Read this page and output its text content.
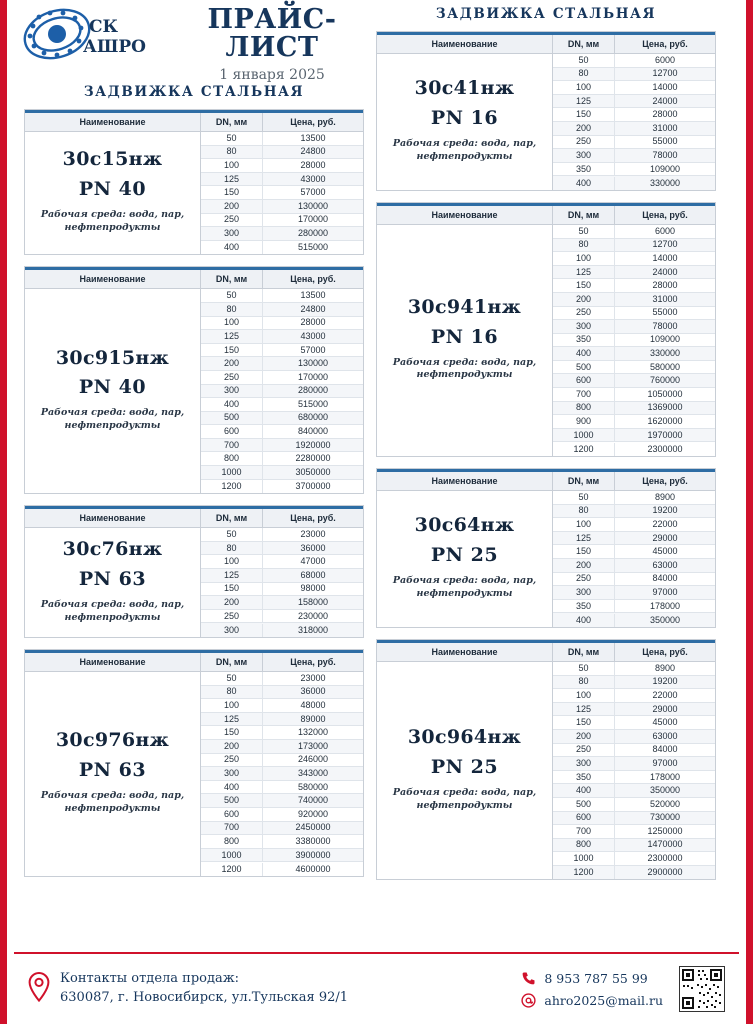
СК
АШРО
ПРАЙС-ЛИСТ
1 января 2025
ЗАДВИЖКА СТАЛЬНАЯ
Наименование	DN, мм	Цена, руб.
30с15нж
PN 40
Рабочая среда: вода, пар, нефтепродукты
50	13500
80	24800
100	28000
125	43000
150	57000
200	130000
250	170000
300	280000
400	515000
Наименование	DN, мм	Цена, руб.
30с915нж
PN 40
Рабочая среда: вода, пар, нефтепродукты
50	13500
80	24800
100	28000
125	43000
150	57000
200	130000
250	170000
300	280000
400	515000
500	680000
600	840000
700	1920000
800	2280000
1000	3050000
1200	3700000
Наименование	DN, мм	Цена, руб.
30с76нж
PN 63
Рабочая среда: вода, пар, нефтепродукты
50	23000
80	36000
100	47000
125	68000
150	98000
200	158000
250	230000
300	318000
Наименование	DN, мм	Цена, руб.
30с976нж
PN 63
Рабочая среда: вода, пар, нефтепродукты
50	23000
80	36000
100	48000
125	89000
150	132000
200	173000
250	246000
300	343000
400	580000
500	740000
600	920000
700	2450000
800	3380000
1000	3900000
1200	4600000
ЗАДВИЖКА СТАЛЬНАЯ
Наименование	DN, мм	Цена, руб.
30с41нж
PN 16
Рабочая среда: вода, пар, нефтепродукты
50	6000
80	12700
100	14000
125	24000
150	28000
200	31000
250	55000
300	78000
350	109000
400	330000
Наименование	DN, мм	Цена, руб.
30с941нж
PN 16
Рабочая среда: вода, пар, нефтепродукты
50	6000
80	12700
100	14000
125	24000
150	28000
200	31000
250	55000
300	78000
350	109000
400	330000
500	580000
600	760000
700	1050000
800	1369000
900	1620000
1000	1970000
1200	2300000
Наименование	DN, мм	Цена, руб.
30с64нж
PN 25
Рабочая среда: вода, пар, нефтепродукты
50	8900
80	19200
100	22000
125	29000
150	45000
200	63000
250	84000
300	97000
350	178000
400	350000
Наименование	DN, мм	Цена, руб.
30с964нж
PN 25
Рабочая среда: вода, пар, нефтепродукты
50	8900
80	19200
100	22000
125	29000
150	45000
200	63000
250	84000
300	97000
350	178000
400	350000
500	520000
600	730000
700	1250000
800	1470000
1000	2300000
1200	2900000
Контакты отдела продаж:
630087, г. Новосибирск, ул.Тульская 92/1
8 953 787 55 99
ahro2025@mail.ru
